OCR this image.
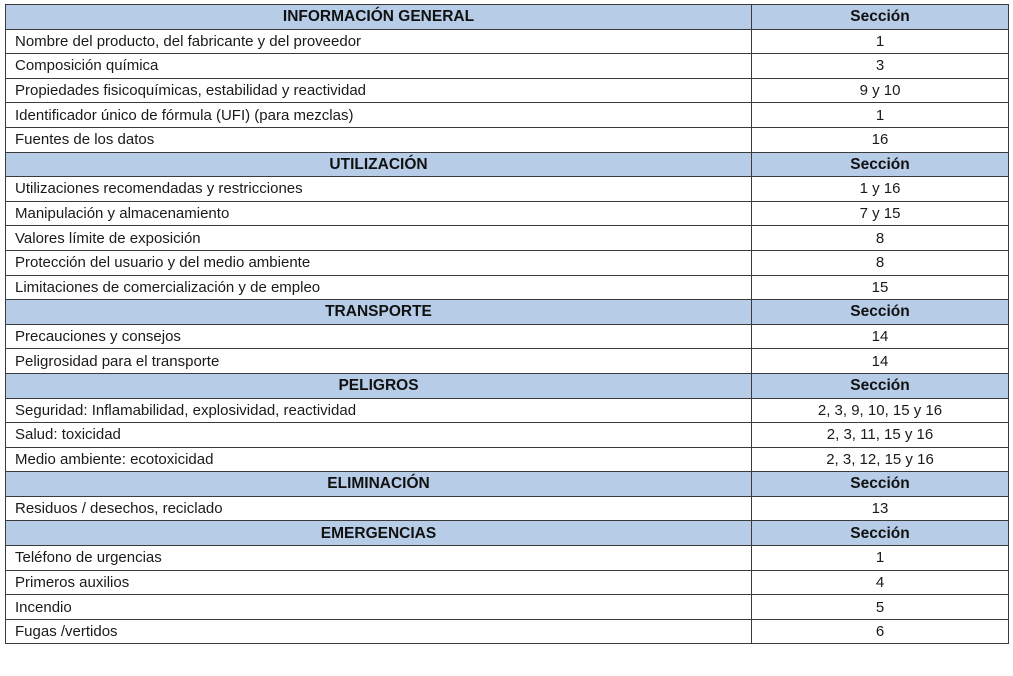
INFORMACIÓN GENERAL	Sección
Nombre del producto, del fabricante y del proveedor	1
Composición química	3
Propiedades fisicoquímicas, estabilidad y reactividad	9 y 10
Identificador único de fórmula (UFI) (para mezclas)	1
Fuentes de los datos	16
UTILIZACIÓN	Sección
Utilizaciones recomendadas y restricciones	1 y 16
Manipulación y almacenamiento	7 y 15
Valores límite de exposición	8
Protección del usuario y del medio ambiente	8
Limitaciones de comercialización y de empleo	15
TRANSPORTE	Sección
Precauciones y consejos	14
Peligrosidad para el transporte	14
PELIGROS	Sección
Seguridad: Inflamabilidad, explosividad, reactividad	2, 3, 9, 10, 15 y 16
Salud: toxicidad	2, 3, 11, 15 y 16
Medio ambiente: ecotoxicidad	2, 3, 12, 15 y 16
ELIMINACIÓN	Sección
Residuos / desechos, reciclado	13
EMERGENCIAS	Sección
Teléfono de urgencias	1
Primeros auxilios	4
Incendio	5
Fugas /vertidos	6
